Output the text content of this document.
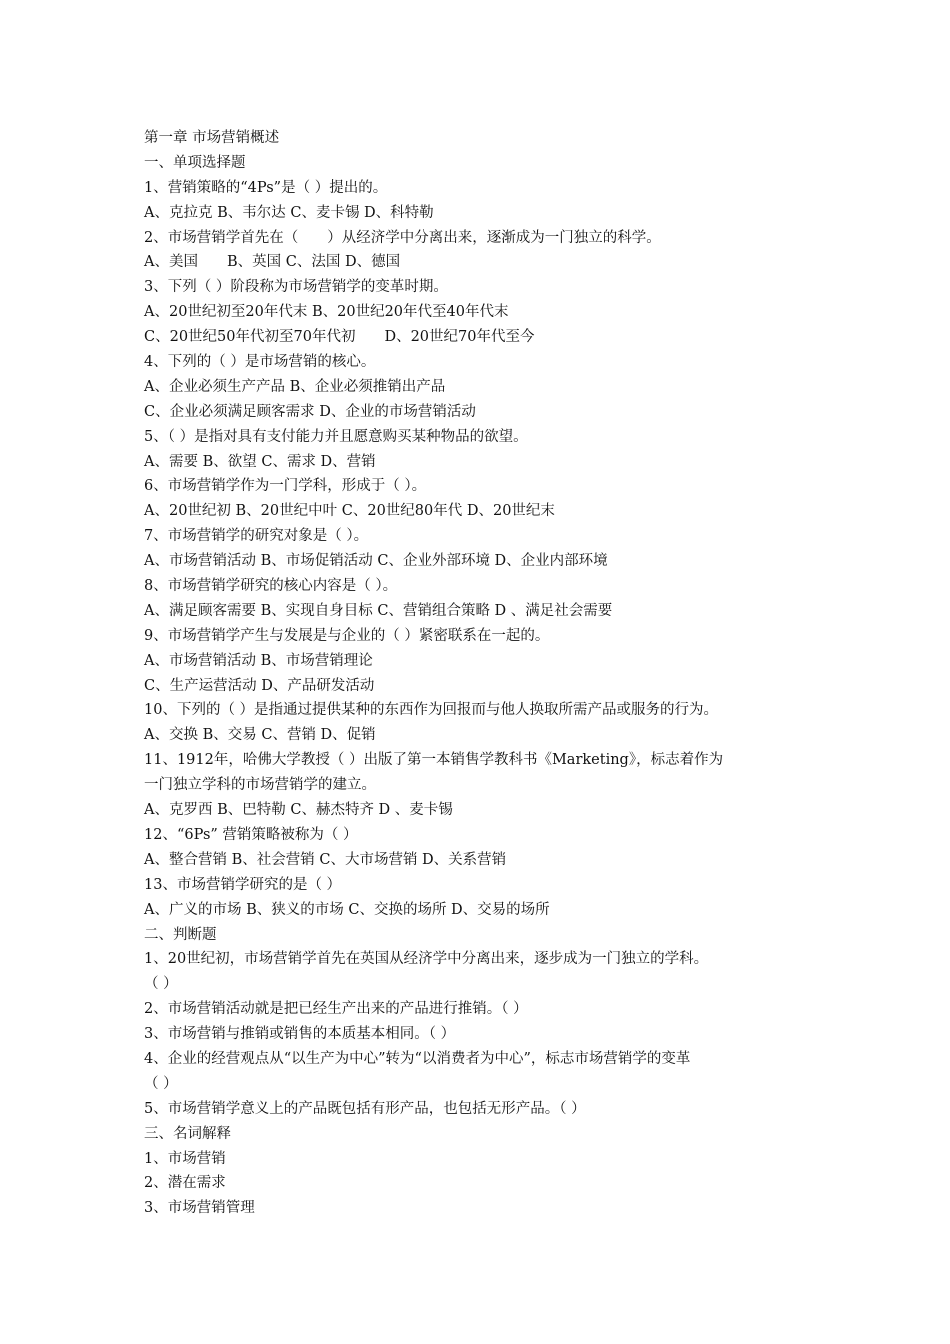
第一章 市场营销概述
一、单项选择题
1、营销策略的“4Ps”是（ ）提出的。
A、克拉克 B、韦尔达 C、麦卡锡 D、科特勒
2、市场营销学首先在（　　）从经济学中分离出来，逐渐成为一门独立的科学。
A、美国　　B、英国 C、法国 D、德国
3、下列（ ）阶段称为市场营销学的变革时期。
A、20世纪初至20年代末 B、20世纪20年代至40年代末
C、20世纪50年代初至70年代初　　D、20世纪70年代至今
4、下列的（ ）是市场营销的核心。
A、企业必须生产产品 B、企业必须推销出产品
C、企业必须满足顾客需求 D、企业的市场营销活动
5、（ ）是指对具有支付能力并且愿意购买某种物品的欲望。
A、需要 B、欲望 C、需求 D、营销
6、市场营销学作为一门学科，形成于（ ）。
A、20世纪初 B、20世纪中叶 C、20世纪80年代 D、20世纪末
7、市场营销学的研究对象是（ ）。
A、市场营销活动 B、市场促销活动 C、企业外部环境 D、企业内部环境
8、市场营销学研究的核心内容是（ ）。
A、满足顾客需要 B、实现自身目标 C、营销组合策略 D 、满足社会需要
9、市场营销学产生与发展是与企业的（ ）紧密联系在一起的。
A、市场营销活动 B、市场营销理论
C、生产运营活动 D、产品研发活动
10、下列的（ ）是指通过提供某种的东西作为回报而与他人换取所需产品或服务的行为。
A、交换 B、交易 C、营销 D、促销
11、1912年，哈佛大学教授（ ）出版了第一本销售学教科书《Marketing》，标志着作为
一门独立学科的市场营销学的建立。
A、克罗西 B、巴特勒 C、赫杰特齐 D 、麦卡锡
12、“6Ps” 营销策略被称为（ ）
A、整合营销 B、社会营销 C、大市场营销 D、关系营销
13、市场营销学研究的是（ ）
A、广义的市场 B、狭义的市场 C、交换的场所 D、交易的场所
二、判断题
1、20世纪初，市场营销学首先在英国从经济学中分离出来，逐步成为一门独立的学科。
（ ）
2、市场营销活动就是把已经生产出来的产品进行推销。（ ）
3、市场营销与推销或销售的本质基本相同。（ ）
4、企业的经营观点从“以生产为中心”转为“以消费者为中心”，标志市场营销学的变革
（ ）
5、市场营销学意义上的产品既包括有形产品，也包括无形产品。（ ）
三、名词解释
1、市场营销
2、潜在需求
3、市场营销管理
